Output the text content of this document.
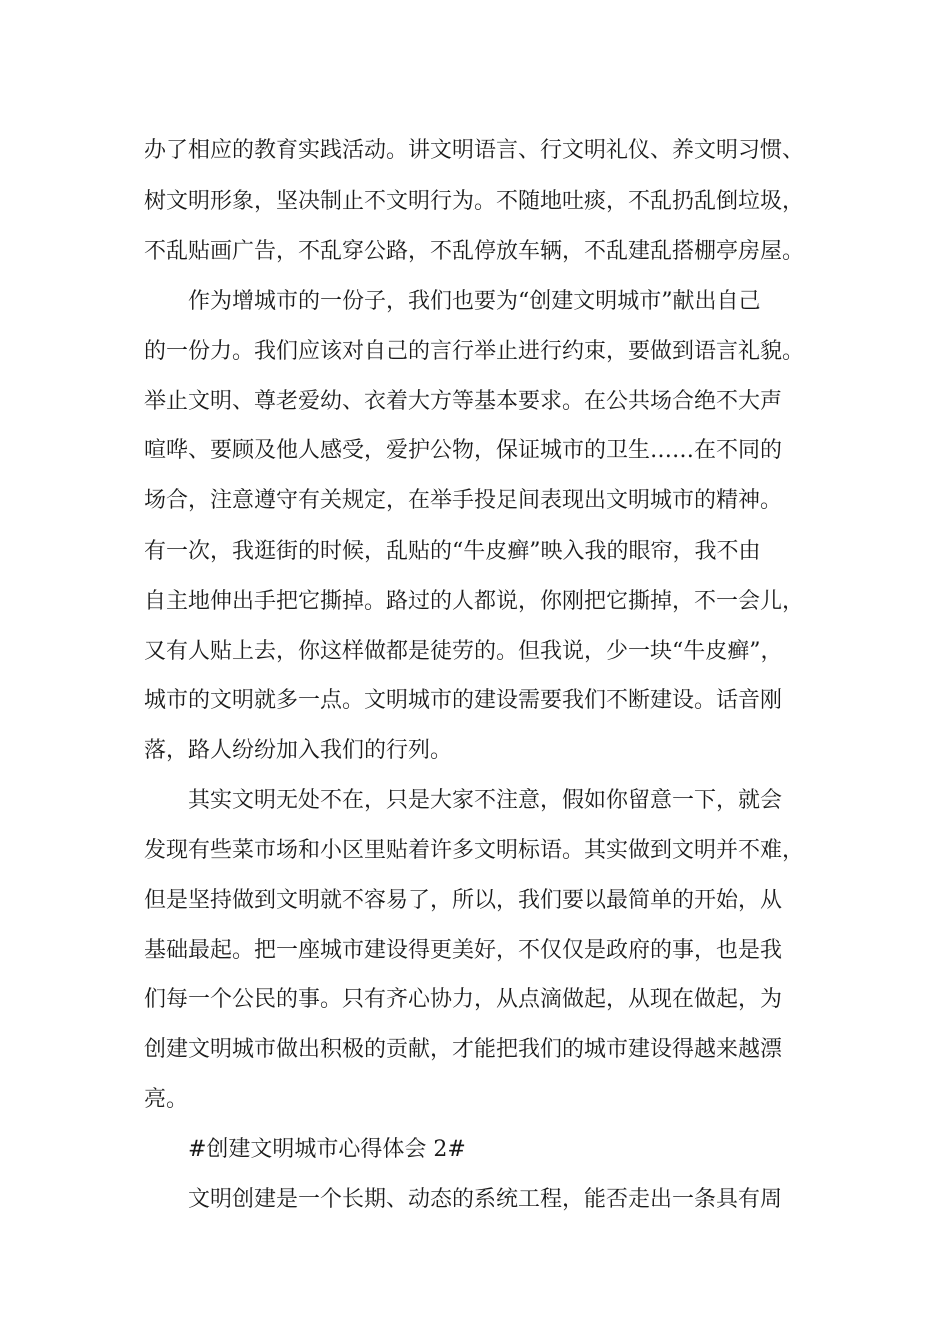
办了相应的教育实践活动。讲文明语言、行文明礼仪、养文明习惯、
树文明形象，坚决制止不文明行为。不随地吐痰，不乱扔乱倒垃圾，
不乱贴画广告，不乱穿公路，不乱停放车辆，不乱建乱搭棚亭房屋。
作为增城市的一份子，我们也要为“创建文明城市”献出自己
的一份力。我们应该对自己的言行举止进行约束，要做到语言礼貌。
举止文明、尊老爱幼、衣着大方等基本要求。在公共场合绝不大声
喧哗、要顾及他人感受，爱护公物，保证城市的卫生……在不同的
场合，注意遵守有关规定，在举手投足间表现出文明城市的精神。
有一次，我逛街的时候，乱贴的“牛皮癣”映入我的眼帘，我不由
自主地伸出手把它撕掉。路过的人都说，你刚把它撕掉，不一会儿，
又有人贴上去，你这样做都是徒劳的。但我说，少一块“牛皮癣”，
城市的文明就多一点。文明城市的建设需要我们不断建设。话音刚
落，路人纷纷加入我们的行列。
其实文明无处不在，只是大家不注意，假如你留意一下，就会
发现有些菜市场和小区里贴着许多文明标语。其实做到文明并不难，
但是坚持做到文明就不容易了，所以，我们要以最简单的开始，从
基础最起。把一座城市建设得更美好，不仅仅是政府的事，也是我
们每一个公民的事。只有齐心协力，从点滴做起，从现在做起，为
创建文明城市做出积极的贡献，才能把我们的城市建设得越来越漂
亮。
#创建文明城市心得体会 2#
文明创建是一个长期、动态的系统工程，能否走出一条具有周
